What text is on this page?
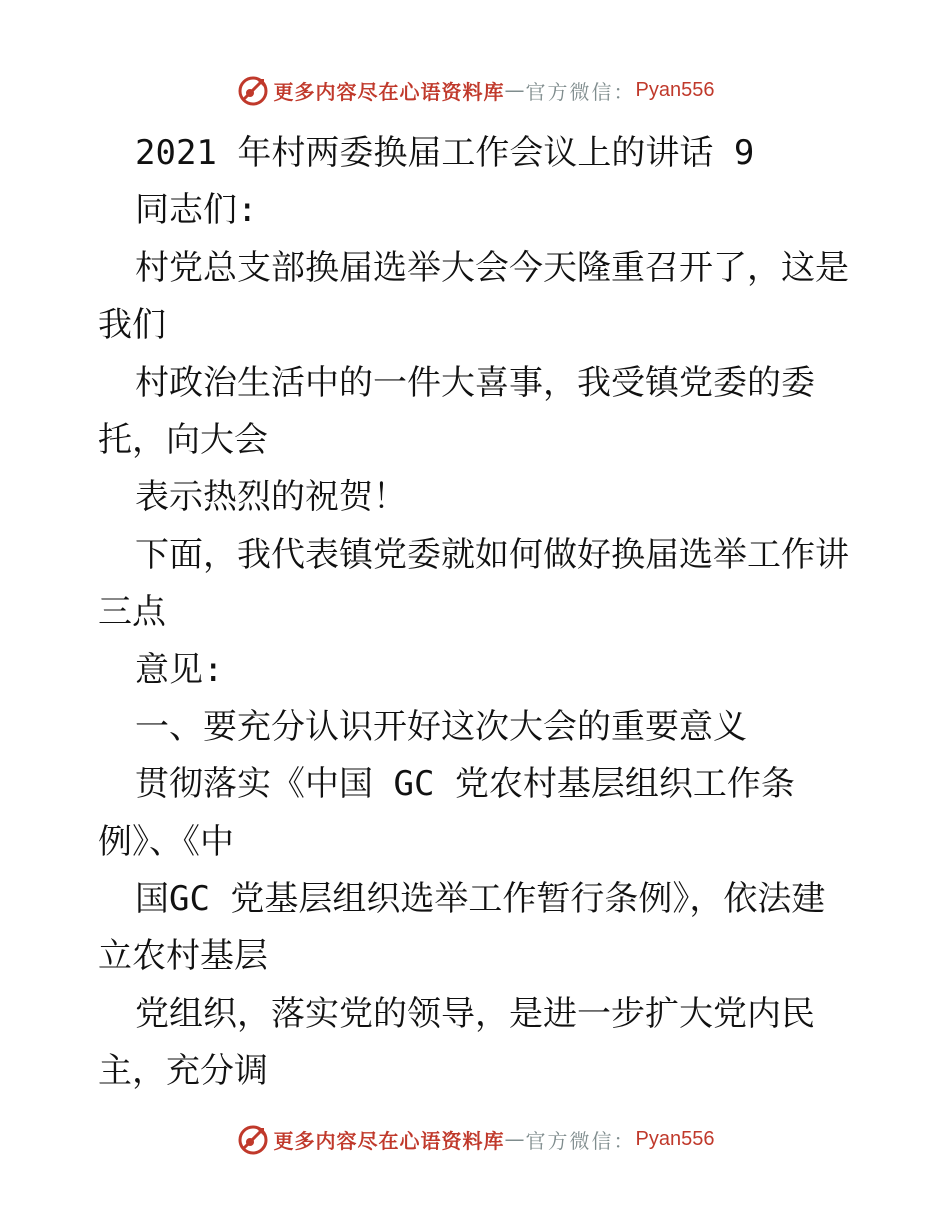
更多内容尽在心语资料库 — 官方微信： Pyan556
2021 年村两委换届工作会议上的讲话 9
同志们:
村党总支部换届选举大会今天隆重召开了，这是
我们
村政治生活中的一件大喜事，我受镇党委的委
托，向大会
表示热烈的祝贺！
下面，我代表镇党委就如何做好换届选举工作讲
三点
意见:
一、要充分认识开好这次大会的重要意义
贯彻落实《中国 GC 党农村基层组织工作条
例》、《中
国GC 党基层组织选举工作暂行条例》，依法建
立农村基层
党组织，落实党的领导，是进一步扩大党内民
主，充分调
更多内容尽在心语资料库 — 官方微信： Pyan556
